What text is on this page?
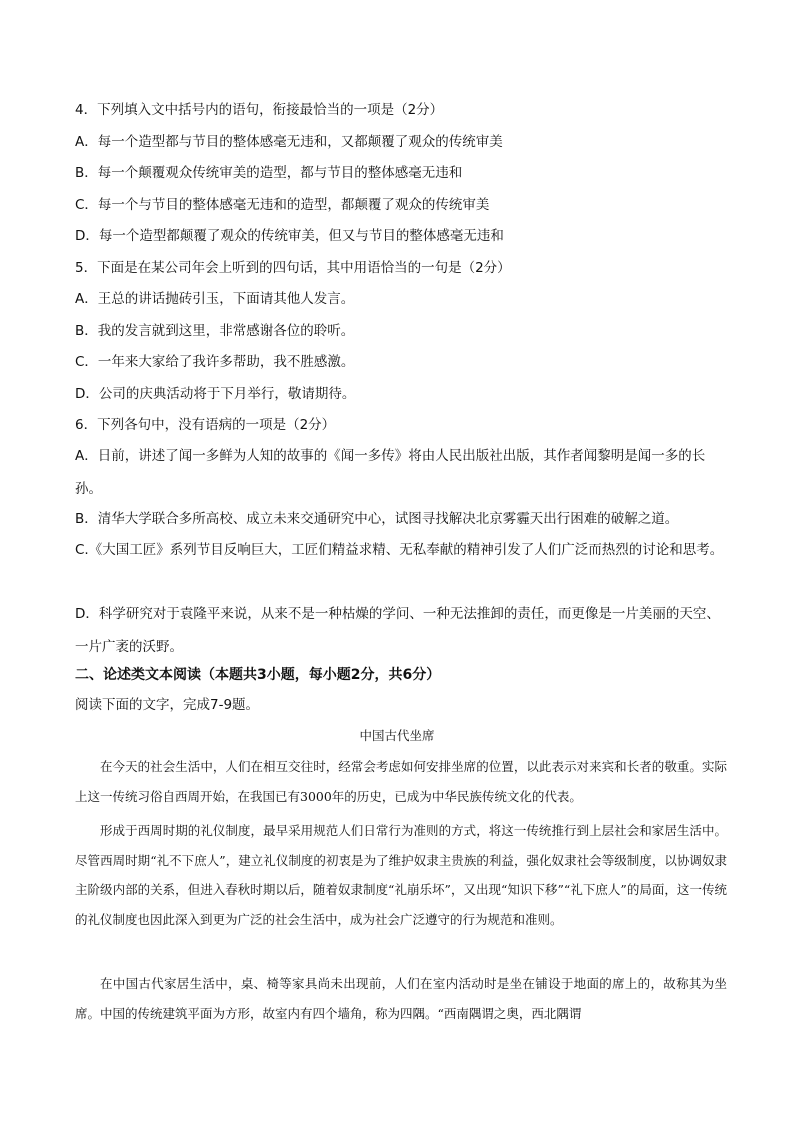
4．下列填入文中括号内的语句，衔接最恰当的一项是（2分）
A．每一个造型都与节目的整体感毫无违和，又都颠覆了观众的传统审美
B．每一个颠覆观众传统审美的造型，都与节目的整体感毫无违和
C．每一个与节目的整体感毫无违和的造型，都颠覆了观众的传统审美
D．每一个造型都颠覆了观众的传统审美，但又与节目的整体感毫无违和
5．下面是在某公司年会上听到的四句话，其中用语恰当的一句是（2分）
A．王总的讲话抛砖引玉，下面请其他人发言。
B．我的发言就到这里，非常感谢各位的聆听。
C．一年来大家给了我许多帮助，我不胜感激。
D．公司的庆典活动将于下月举行，敬请期待。
6．下列各句中，没有语病的一项是（2分）
A．日前，讲述了闻一多鲜为人知的故事的《闻一多传》将由人民出版社出版，其作者闻黎明是闻一多的长孙。
B．清华大学联合多所高校、成立未来交通研究中心，试图寻找解决北京雾霾天出行困难的破解之道。
C.《大国工匠》系列节目反响巨大，工匠们精益求精、无私奉献的精神引发了人们广泛而热烈的讨论和思考。
D．科学研究对于袁隆平来说，从来不是一种枯燥的学问、一种无法推卸的责任，而更像是一片美丽的天空、一片广袤的沃野。
二、论述类文本阅读（本题共3小题，每小题2分，共6分）
阅读下面的文字，完成7-9题。
中国古代坐席
在今天的社会生活中，人们在相互交往时，经常会考虑如何安排坐席的位置，以此表示对来宾和长者的敬重。实际上这一传统习俗自西周开始，在我国已有3000年的历史，已成为中华民族传统文化的代表。
形成于西周时期的礼仪制度，最早采用规范人们日常行为准则的方式，将这一传统推行到上层社会和家居生活中。尽管西周时期“礼不下庶人”，建立礼仪制度的初衷是为了维护奴隶主贵族的利益，强化奴隶社会等级制度，以协调奴隶主阶级内部的关系，但进入春秋时期以后，随着奴隶制度“礼崩乐坏”，又出现“知识下移”“礼下庶人”的局面，这一传统的礼仪制度也因此深入到更为广泛的社会生活中，成为社会广泛遵守的行为规范和准则。
在中国古代家居生活中，桌、椅等家具尚未出现前，人们在室内活动时是坐在铺设于地面的席上的，故称其为坐席。中国的传统建筑平面为方形，故室内有四个墙角，称为四隅。“西南隅谓之奥，西北隅谓
